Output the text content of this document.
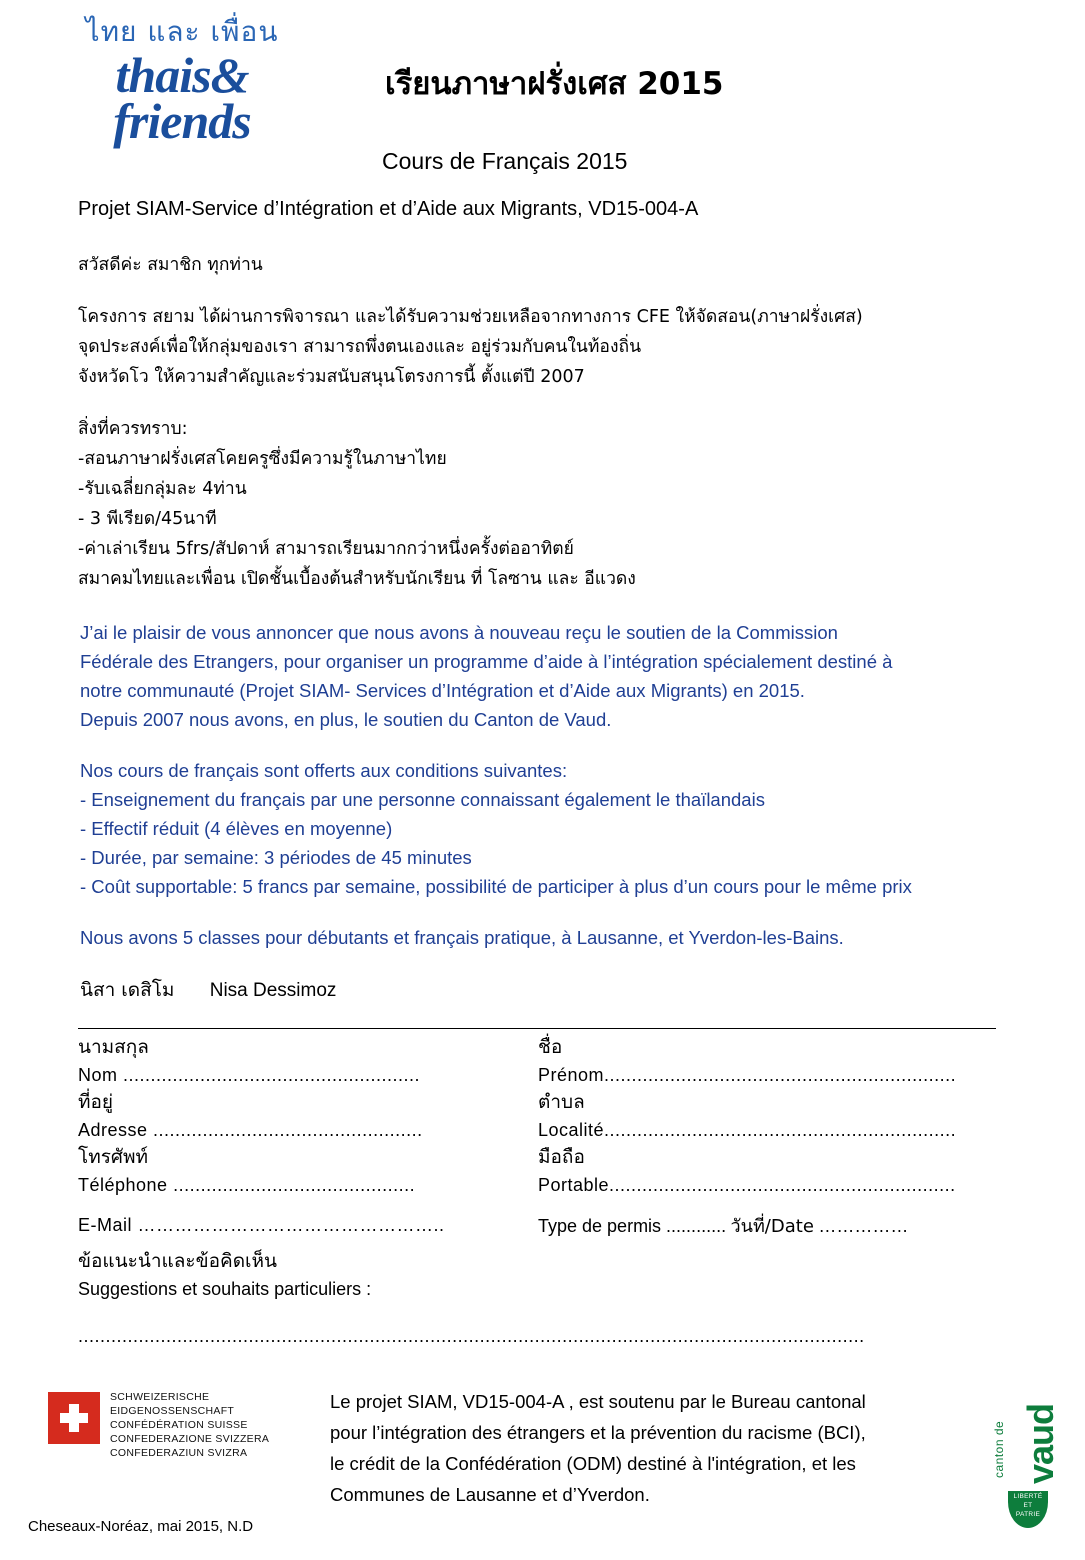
ไทย และ เพื่อน
thais&
friends
เรียนภาษาฝรั่งเศส 2015
Cours de Français 2015
Projet SIAM-Service d’Intégration et d’Aide aux Migrants, VD15-004-A

สวัสดีค่ะ สมาชิก ทุกท่าน

โครงการ สยาม ได้ผ่านการพิจารณา และได้รับความช่วยเหลือจากทางการ CFE ให้จัดสอน(ภาษาฝรั่งเศส)

จุดประสงค์เพื่อให้กลุ่มของเรา สามารถพึ่งตนเองและ อยู่ร่วมกับคนในท้องถิ่น

จังหวัดโว ให้ความสำคัญและร่วมสนับสนุนโตรงการนี้ ตั้งแต่ปี 2007

สิ่งที่ควรทราบ:

-สอนภาษาฝรั่งเศสโคยครูซึ่งมีความรู้ในภาษาไทย

-รับเฉลี่ยกลุ่มละ 4ท่าน

- 3 พีเรียด/45นาที

-ค่าเล่าเรียน 5frs/สัปดาห์ สามารถเรียนมากกว่าหนึ่งครั้งต่ออาทิตย์

สมาคมไทยและเพื่อน เปิดชั้นเบื้องต้นสำหรับนักเรียน ที่ โลซาน และ อีแวดง

J’ai le plaisir de vous annoncer que nous avons à nouveau reçu le soutien de la Commission

Fédérale des Etrangers, pour organiser un programme d’aide à l’intégration spécialement destiné à

notre communauté (Projet SIAM- Services d’Intégration et d’Aide aux Migrants) en 2015.

Depuis 2007 nous avons, en plus, le soutien du Canton de Vaud.

Nos cours de français sont offerts aux conditions suivantes:

- Enseignement du français par une personne connaissant également le thaïlandais

- Effectif réduit (4 élèves en moyenne)

- Durée, par semaine: 3 périodes de 45 minutes

- Coût supportable: 5 francs par semaine, possibilité de participer à plus d’un cours pour le même prix

Nous avons 5 classes pour débutants et français pratique, à Lausanne, et Yverdon-les-Bains.

นิสา เดสิโม Nisa Dessimoz
นามสกุล
Nom ......................................................
ชื่อ
Prénom................................................................
ที่อยู่
Adresse .................................................
ตำบล
Localité................................................................
โทรศัพท์
Téléphone ............................................
มือถือ
Portable...............................................................
E-Mail …………………………………………..	Type de permis ............ วันที่/Date ……………
ข้อแนะนำและข้อคิดเห็น
Suggestions et souhaits particuliers :
...............................................................................................................................................
SCHWEIZERISCHE EIDGENOSSENSCHAFT
CONFÉDÉRATION SUISSE
CONFEDERAZIONE SVIZZERA
CONFEDERAZIUN SVIZRA
Le projet SIAM, VD15-004-A , est soutenu par le Bureau cantonal
pour l’intégration des étrangers et la prévention du racisme (BCI),
le crédit de la Confédération (ODM) destiné à l'intégration, et les
Communes de Lausanne et d’Yverdon.
canton de vaud
LIBERTÉ
ET
PATRIE
Cheseaux-Noréaz, mai 2015, N.D
